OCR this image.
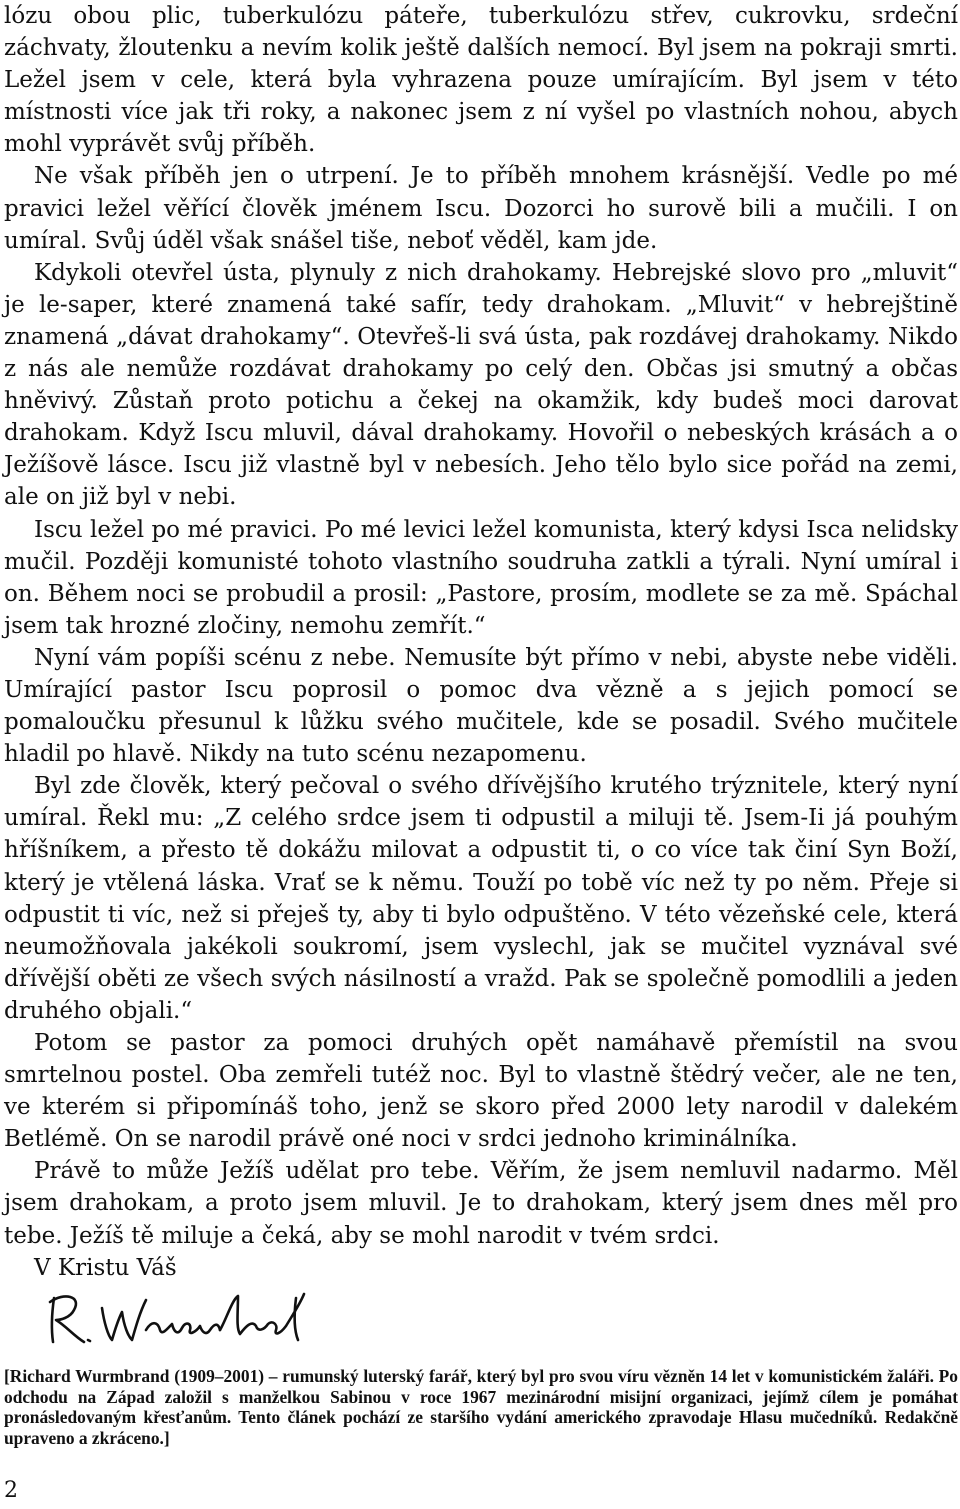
lózu obou plic, tuberkulózu páteře, tuberkulózu střev, cukrovku, srdeční záchvaty, žloutenku a nevím kolik ještě dalších nemocí. Byl jsem na pokraji smrti. Ležel jsem v cele, která byla vyhrazena pouze umírajícím. Byl jsem v této místnosti více jak tři roky, a nakonec jsem z ní vyšel po vlastních nohou, abych mohl vyprávět svůj příběh.

Ne však příběh jen o utrpení. Je to příběh mnohem krásnější. Vedle po mé pravici ležel věřící člověk jménem Iscu. Dozorci ho surově bili a mučili. I on umíral. Svůj úděl však snášel tiše, neboť věděl, kam jde.

Kdykoli otevřel ústa, plynuly z nich drahokamy. Hebrejské slovo pro „mluvit“ je le-saper, které znamená také safír, tedy drahokam. „Mluvit“ v hebrejštině znamená „dávat drahokamy“. Otevřeš-li svá ústa, pak rozdávej drahokamy. Nikdo z nás ale nemůže rozdávat drahokamy po celý den. Občas jsi smutný a občas hněvivý. Zůstaň proto potichu a čekej na okamžik, kdy budeš moci darovat drahokam. Když Iscu mluvil, dával drahokamy. Hovořil o nebeských krásách a o Ježíšově lásce. Iscu již vlastně byl v nebesích. Jeho tělo bylo sice pořád na zemi, ale on již byl v nebi.

Iscu ležel po mé pravici. Po mé levici ležel komunista, který kdysi Isca nelidsky mučil. Později komunisté tohoto vlastního soudruha zatkli a týrali. Nyní umíral i on. Během noci se probudil a prosil: „Pastore, prosím, modlete se za mě. Spáchal jsem tak hrozné zločiny, nemohu zemřít.“

Nyní vám popíši scénu z nebe. Nemusíte být přímo v nebi, abyste nebe viděli. Umírající pastor Iscu poprosil o pomoc dva vězně a s jejich pomocí se pomaloučku přesunul k lůžku svého mučitele, kde se posadil. Svého mučitele hladil po hlavě. Nikdy na tuto scénu nezapomenu.

Byl zde člověk, který pečoval o svého dřívějšího krutého trýznitele, který nyní umíral. Řekl mu: „Z celého srdce jsem ti odpustil a miluji tě. Jsem-Ii já pouhým hříšníkem, a přesto tě dokážu milovat a odpustit ti, o co více tak činí Syn Boží, který je vtělená láska. Vrať se k němu. Touží po tobě víc než ty po něm. Přeje si odpustit ti víc, než si přeješ ty, aby ti bylo odpuštěno. V této vězeňské cele, která neumožňovala jakékoli soukromí, jsem vyslechl, jak se mučitel vyznával své dřívější oběti ze všech svých násilností a vražd. Pak se společně pomodlili a jeden druhého objali.“

Potom se pastor za pomoci druhých opět namáhavě přemístil na svou smrtelnou postel. Oba zemřeli tutéž noc. Byl to vlastně štědrý večer, ale ne ten, ve kterém si připomínáš toho, jenž se skoro před 2000 lety narodil v dalekém Betlémě. On se narodil právě oné noci v srdci jednoho kriminálníka.

Právě to může Ježíš udělat pro tebe. Věřím, že jsem nemluvil nadarmo. Měl jsem drahokam, a proto jsem mluvil. Je to drahokam, který jsem dnes měl pro tebe. Ježíš tě miluje a čeká, aby se mohl narodit v tvém srdci.

V Kristu Váš

[Richard Wurmbrand (1909–2001) – rumunský luterský farář, který byl pro svou víru vězněn 14 let v komunistickém žaláři. Po odchodu na Západ založil s manželkou Sabinou v roce 1967 mezinárodní misijní organizaci, jejímž cílem je pomáhat pronásledovaným křesťanům. Tento článek pochází ze staršího vydání amerického zpravodaje Hlasu mučedníků. Redakčně upraveno a zkráceno.]
2
